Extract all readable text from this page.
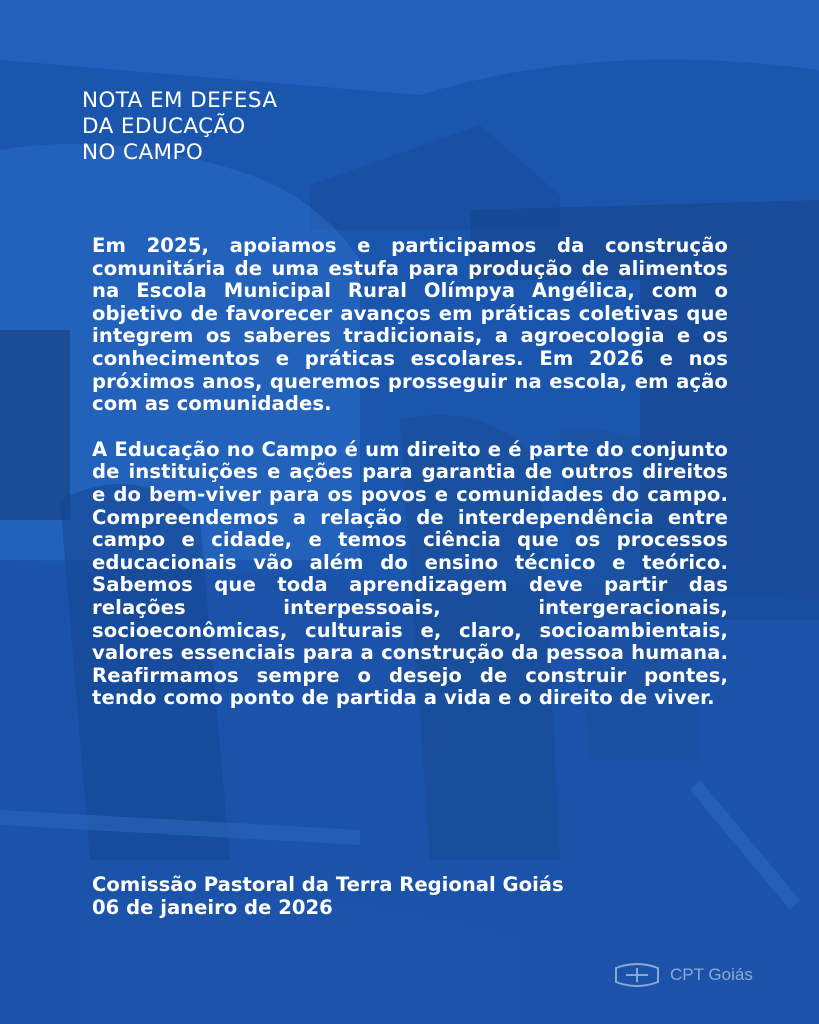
NOTA EM DEFESA
DA EDUCAÇÃO
NO CAMPO

Em 2025, apoiamos e participamos da construção comunitária de uma estufa para produção de alimentos na Escola Municipal Rural Olímpya Angélica, com o objetivo de favorecer avanços em práticas coletivas que integrem os saberes tradicionais, a agroecologia e os conhecimentos e práticas escolares. Em 2026 e nos próximos anos, queremos prosseguir na escola, em ação com as comunidades.

A Educação no Campo é um direito e é parte do conjunto de instituições e ações para garantia de outros direitos e do bem-viver para os povos e comunidades do campo. Compreendemos a relação de interdependência entre campo e cidade, e temos ciência que os processos educacionais vão além do ensino técnico e teórico. Sabemos que toda aprendizagem deve partir das relações interpessoais, intergeracionais, socioeconômicas, culturais e, claro, socioambientais, valores essenciais para a construção da pessoa humana. Reafirmamos sempre o desejo de construir pontes, tendo como ponto de partida a vida e o direito de viver.

Comissão Pastoral da Terra Regional Goiás
06 de janeiro de 2026
CPT Goiás
